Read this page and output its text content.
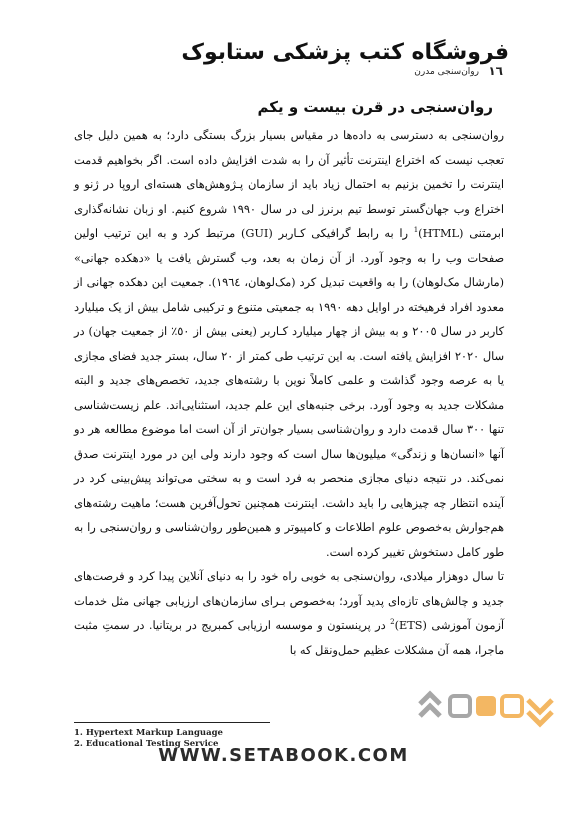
فروشگاه کتب پزشکی ستابوک
١٦
روان‌سنجی مدرن
روان‌سنجی در قرن بیست و یکم

روان‌سنجی به دسترسی به داده‌ها در مقیاس بسیار بزرگ بستگی دارد؛ به همین دلیل جای تعجب نیست که اختراع اینترنت تأثیر آن را به شدت افزایش داده است. اگر بخواهیم قدمت اینترنت را تخمین بزنیم به احتمال زیاد باید از سازمان پـژوهش‌های هسته‌ای اروپا در ژنو و اختراع وب جهان‌گستر توسط تیم برنرز لی در سال ١٩٩٠ شروع کنیم. او زبان نشانه‌گذاری ابرمتنی (HTML)$^1$ را به رابط گرافیکی کـاربر (GUI) مرتبط کرد و به این ترتیب اولین صفحات وب را به وجود آورد. از آن زمان به بعد، وب گسترش یافت یا «دهکده جهانی» (مارشال مک‌لوهان) را به واقعیت تبدیل کرد (مک‌لوهان، ١٩٦٤). جمعیت این دهکده جهانی از معدود افراد فرهیخته در اوایل دهه ١٩٩٠ به جمعیتی متنوع و ترکیبی شامل بیش از یک میلیارد کاربر در سال ٢٠٠٥ و به بیش از چهار میلیارد کـاربر (یعنی بیش از ٥٠٪ از جمعیت جهان) در سال ٢٠٢٠ افزایش یافته است. به این ترتیب طی کمتر از ٢٠ سال، بستر جدید فضای مجازی یا به عرصه وجود گذاشت و علمی کاملاً نوین با رشته‌های جدید، تخصص‌های جدید و البته مشکلات جدید به وجود آورد. برخی جنبه‌های این علم جدید، استثنایی‌اند. علم زیست‌شناسی تنها ٣٠٠ سال قدمت دارد و روان‌شناسی بسیار جوان‌تر از آن است اما موضوع مطالعه هر دو آنها «انسان‌ها و زندگی» میلیون‌ها سال است که وجود دارند ولی این در مورد اینترنت صدق نمی‌کند. در نتیجه دنیای مجازی منحصر به فرد است و به سختی می‌تواند پیش‌بینی کرد در آینده انتظار چه چیزهایی را باید داشت. اینترنت همچنین تحول‌آفرین هست؛ ماهیت رشته‌های هم‌جوارش به‌خصوص علوم اطلاعات و کامپیوتر و همین‌طور روان‌شناسی و روان‌سنجی را به طور کامل دستخوش تغییر کرده است.

تا سال دوهزار میلادی، روان‌سنجی به خوبی راه خود را به دنیای آنلاین پیدا کرد و فرصت‌های جدید و چالش‌های تازه‌ای پدید آورد؛ به‌خصوص بـرای سازمان‌های ارزیابی جهانی مثل خدمات آزمون آموزشی (ETS)$^2$ در پرینستون و موسسه ارزیابی کمبریج در بریتانیا. در سمتِ مثبت ماجرا، همه آن مشکلات عظیم حمل‌ونقل که با

1. Hypertext Markup Language

2. Educational Testing Service

WWW.SETABOOK.COM
